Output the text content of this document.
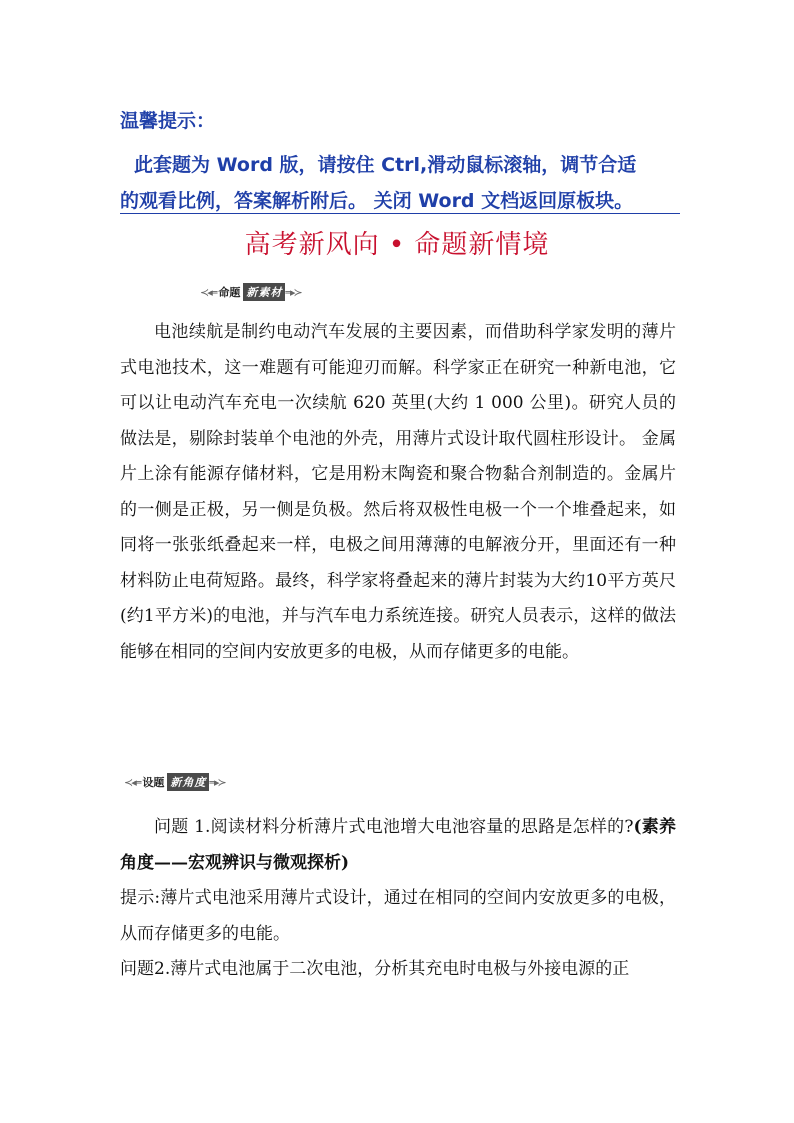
温馨提示：
此套题为 Word 版，请按住 Ctrl,滑动鼠标滚轴，调节合适
的观看比例，答案解析附后。 关闭 Word 文档返回原板块。
高考新风向 • 命题新情境
≺◂═ 命题 新素材 ═▸≻
电池续航是制约电动汽车发展的主要因素，而借助科学家发明的薄片式电池技术，这一难题有可能迎刃而解。科学家正在研究一种新电池，它可以让电动汽车充电一次续航 620 英里(大约 1 000 公里)。研究人员的做法是，剔除封装单个电池的外壳，用薄片式设计取代圆柱形设计。 金属片上涂有能源存储材料，它是用粉末陶瓷和聚合物黏合剂制造的。金属片的一侧是正极，另一侧是负极。然后将双极性电极一个一个堆叠起来，如同将一张张纸叠起来一样，电极之间用薄薄的电解液分开，里面还有一种材料防止电荷短路。最终，科学家将叠起来的薄片封装为大约10平方英尺(约1平方米)的电池，并与汽车电力系统连接。研究人员表示，这样的做法能够在相同的空间内安放更多的电极，从而存储更多的电能。
≺◂═ 设题 新角度 ═▸≻

问题 1.阅读材料分析薄片式电池增大电池容量的思路是怎样的?(素养角度——宏观辨识与微观探析)

提示:薄片式电池采用薄片式设计，通过在相同的空间内安放更多的电极，从而存储更多的电能。

问题2.薄片式电池属于二次电池，分析其充电时电极与外接电源的正
